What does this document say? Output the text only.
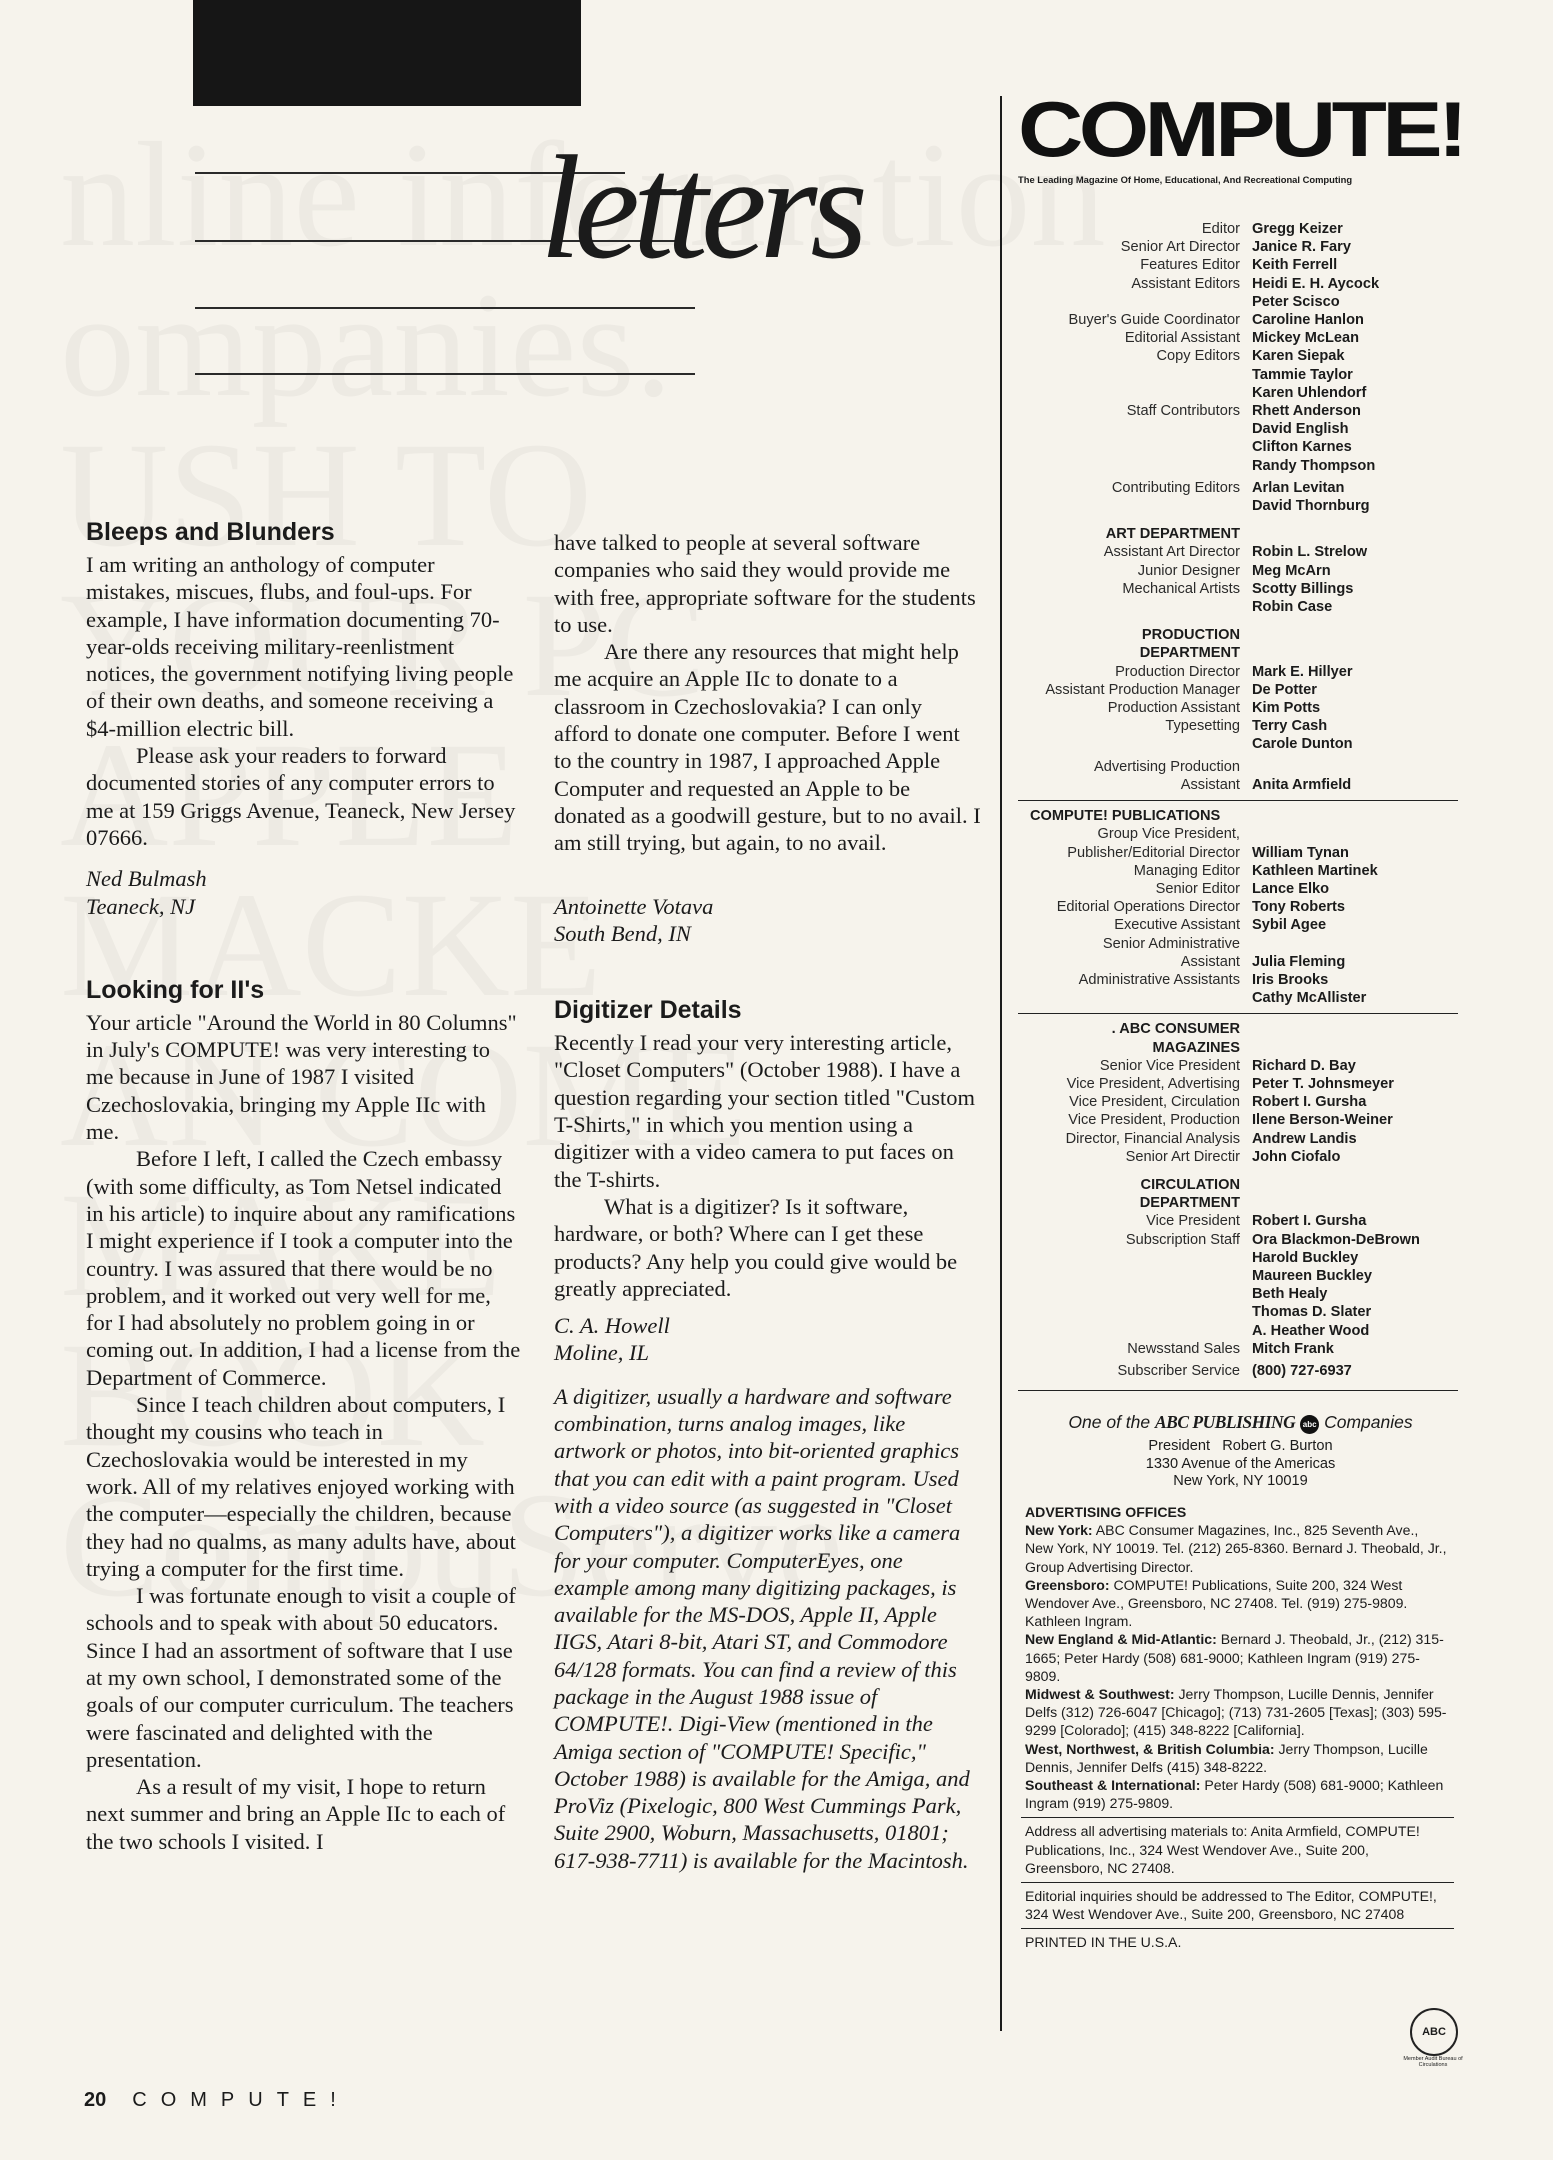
letters
Bleeps and Blunders

I am writing an anthology of computer mistakes, miscues, flubs, and foul-ups. For example, I have information documenting 70-year-olds receiving military-reenlistment notices, the government notifying living people of their own deaths, and someone receiving a $4-million electric bill.

Please ask your readers to forward documented stories of any computer errors to me at 159 Griggs Avenue, Teaneck, New Jersey 07666.

Ned Bulmash

Teaneck, NJ

Looking for II's

Your article "Around the World in 80 Columns" in July's COMPUTE! was very interesting to me because in June of 1987 I visited Czechoslovakia, bringing my Apple IIc with me.

Before I left, I called the Czech embassy (with some difficulty, as Tom Netsel indicated in his article) to inquire about any ramifications I might experience if I took a computer into the country. I was assured that there would be no problem, and it worked out very well for me, for I had absolutely no problem going in or coming out. In addition, I had a license from the Department of Commerce.

Since I teach children about computers, I thought my cousins who teach in Czechoslovakia would be interested in my work. All of my relatives enjoyed working with the computer—especially the children, because they had no qualms, as many adults have, about trying a computer for the first time.

I was fortunate enough to visit a couple of schools and to speak with about 50 educators. Since I had an assortment of software that I use at my own school, I demonstrated some of the goals of our computer curriculum. The teachers were fascinated and delighted with the presentation.

As a result of my visit, I hope to return next summer and bring an Apple IIc to each of the two schools I visited. I

have talked to people at several software companies who said they would provide me with free, appropriate software for the students to use.

Are there any resources that might help me acquire an Apple IIc to donate to a classroom in Czechoslovakia? I can only afford to donate one computer. Before I went to the country in 1987, I approached Apple Computer and requested an Apple to be donated as a goodwill gesture, but to no avail. I am still trying, but again, to no avail.

Antoinette Votava

South Bend, IN

Digitizer Details

Recently I read your very interesting article, "Closet Computers" (October 1988). I have a question regarding your section titled "Custom T-Shirts," in which you mention using a digitizer with a video camera to put faces on the T-shirts.

What is a digitizer? Is it software, hardware, or both? Where can I get these products? Any help you could give would be greatly appreciated.

C. A. Howell

Moline, IL

A digitizer, usually a hardware and software combination, turns analog images, like artwork or photos, into bit-oriented graphics that you can edit with a paint program. Used with a video source (as suggested in "Closet Computers"), a digitizer works like a camera for your computer. ComputerEyes, one example among many digitizing packages, is available for the MS-DOS, Apple II, Apple IIGS, Atari 8-bit, Atari ST, and Commodore 64/128 formats. You can find a review of this package in the August 1988 issue of COMPUTE!. Digi-View (mentioned in the Amiga section of "COMPUTE! Specific," October 1988) is available for the Amiga, and ProViz (Pixelogic, 800 West Cummings Park, Suite 2900, Woburn, Massachusetts, 01801; 617-938-7711) is available for the Macintosh.

20 COMPUTE!
COMPUTE!
The Leading Magazine Of Home, Educational, And Recreational Computing
Editor Gregg Keizer
Senior Art Director Janice R. Fary
Features Editor Keith Ferrell
Assistant Editors Heidi E. H. Aycock
Peter Scisco
Buyer's Guide Coordinator Caroline Hanlon
Editorial Assistant Mickey McLean
Copy Editors Karen Siepak
Tammie Taylor
Karen Uhlendorf
Staff Contributors Rhett Anderson
David English
Clifton Karnes
Randy Thompson
Contributing Editors Arlan Levitan
David Thornburg
ART DEPARTMENT
Assistant Art Director Robin L. Strelow
Junior Designer Meg McArn
Mechanical Artists Scotty Billings
Robin Case
PRODUCTION
DEPARTMENT
Production Director Mark E. Hillyer
Assistant Production Manager De Potter
Production Assistant Kim Potts
Typesetting Terry Cash
Carole Dunton
Advertising Production
Assistant Anita Armfield
COMPUTE! PUBLICATIONS
Group Vice President,
Publisher/Editorial Director William Tynan
Managing Editor Kathleen Martinek
Senior Editor Lance Elko
Editorial Operations Director Tony Roberts
Executive Assistant Sybil Agee
Senior Administrative
Assistant Julia Fleming
Administrative Assistants Iris Brooks
Cathy McAllister
. ABC CONSUMER
MAGAZINES
Senior Vice President Richard D. Bay
Vice President, Advertising Peter T. Johnsmeyer
Vice President, Circulation Robert I. Gursha
Vice President, Production Ilene Berson-Weiner
Director, Financial Analysis Andrew Landis
Senior Art Directir John Ciofalo
CIRCULATION
DEPARTMENT
Vice President Robert I. Gursha
Subscription Staff Ora Blackmon-DeBrown
Harold Buckley
Maureen Buckley
Beth Healy
Thomas D. Slater
A. Heather Wood
Newsstand Sales Mitch Frank
Subscriber Service (800) 727-6937
One of the ABC PUBLISHING abc Companies
President Robert G. Burton
1330 Avenue of the Americas
New York, NY 10019
ADVERTISING OFFICES

New York: ABC Consumer Magazines, Inc., 825 Seventh Ave., New York, NY 10019. Tel. (212) 265-8360. Bernard J. Theobald, Jr., Group Advertising Director.

Greensboro: COMPUTE! Publications, Suite 200, 324 West Wendover Ave., Greensboro, NC 27408. Tel. (919) 275-9809. Kathleen Ingram.

New England & Mid-Atlantic: Bernard J. Theobald, Jr., (212) 315-1665; Peter Hardy (508) 681-9000; Kathleen Ingram (919) 275-9809.

Midwest & Southwest: Jerry Thompson, Lucille Dennis, Jennifer Delfs (312) 726-6047 [Chicago]; (713) 731-2605 [Texas]; (303) 595-9299 [Colorado]; (415) 348-8222 [California].

West, Northwest, & British Columbia: Jerry Thompson, Lucille Dennis, Jennifer Delfs (415) 348-8222.

Southeast & International: Peter Hardy (508) 681-9000; Kathleen Ingram (919) 275-9809.

Address all advertising materials to: Anita Armfield, COMPUTE! Publications, Inc., 324 West Wendover Ave., Suite 200, Greensboro, NC 27408.

Editorial inquiries should be addressed to The Editor, COMPUTE!, 324 West Wendover Ave., Suite 200, Greensboro, NC 27408

PRINTED IN THE U.S.A.

ABC
Member Audit Bureau of Circulations
